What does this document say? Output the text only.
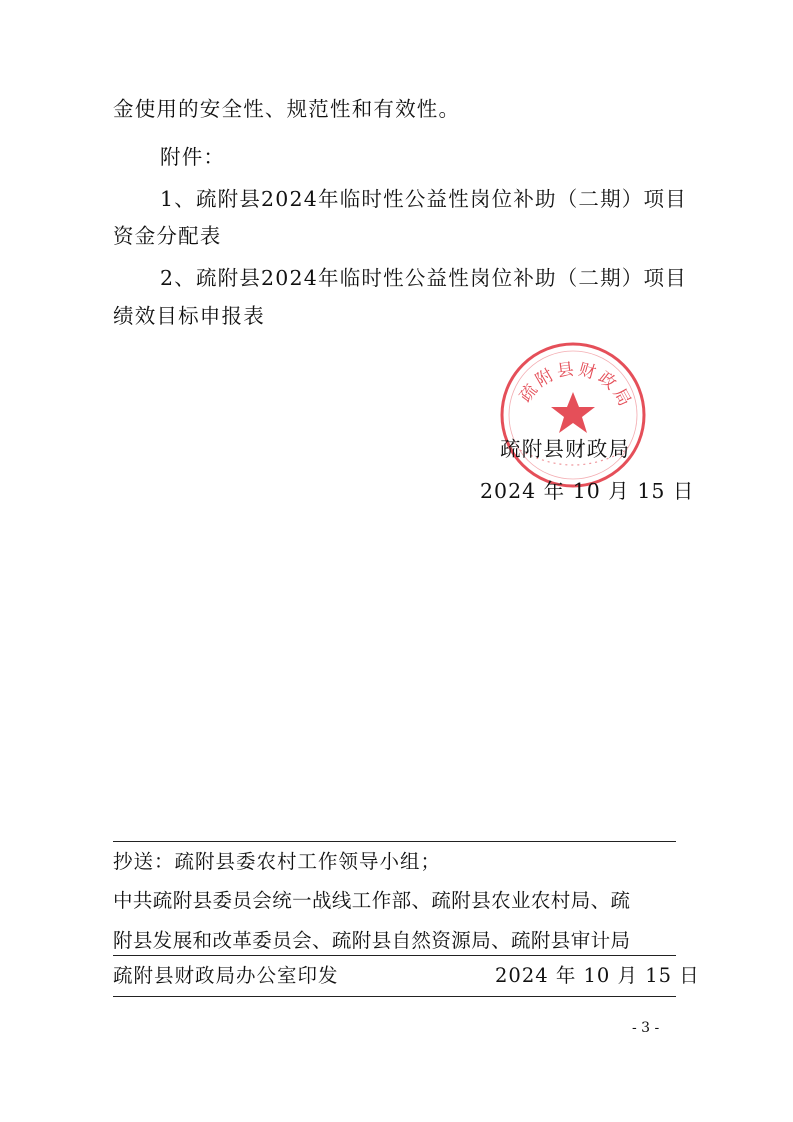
金使用的安全性、规范性和有效性。
附件：
1、疏附县2024年临时性公益性岗位补助（二期）项目
资金分配表
2、疏附县2024年临时性公益性岗位补助（二期）项目
绩效目标申报表
疏附县财政局
疏附县财政局
2024 年 10 月 15 日
抄送：疏附县委农村工作领导小组；
中共疏附县委员会统一战线工作部、疏附县农业农村局、疏
附县发展和改革委员会、疏附县自然资源局、疏附县审计局
疏附县财政局办公室印发	2024 年 10 月 15 日
- 3 -
